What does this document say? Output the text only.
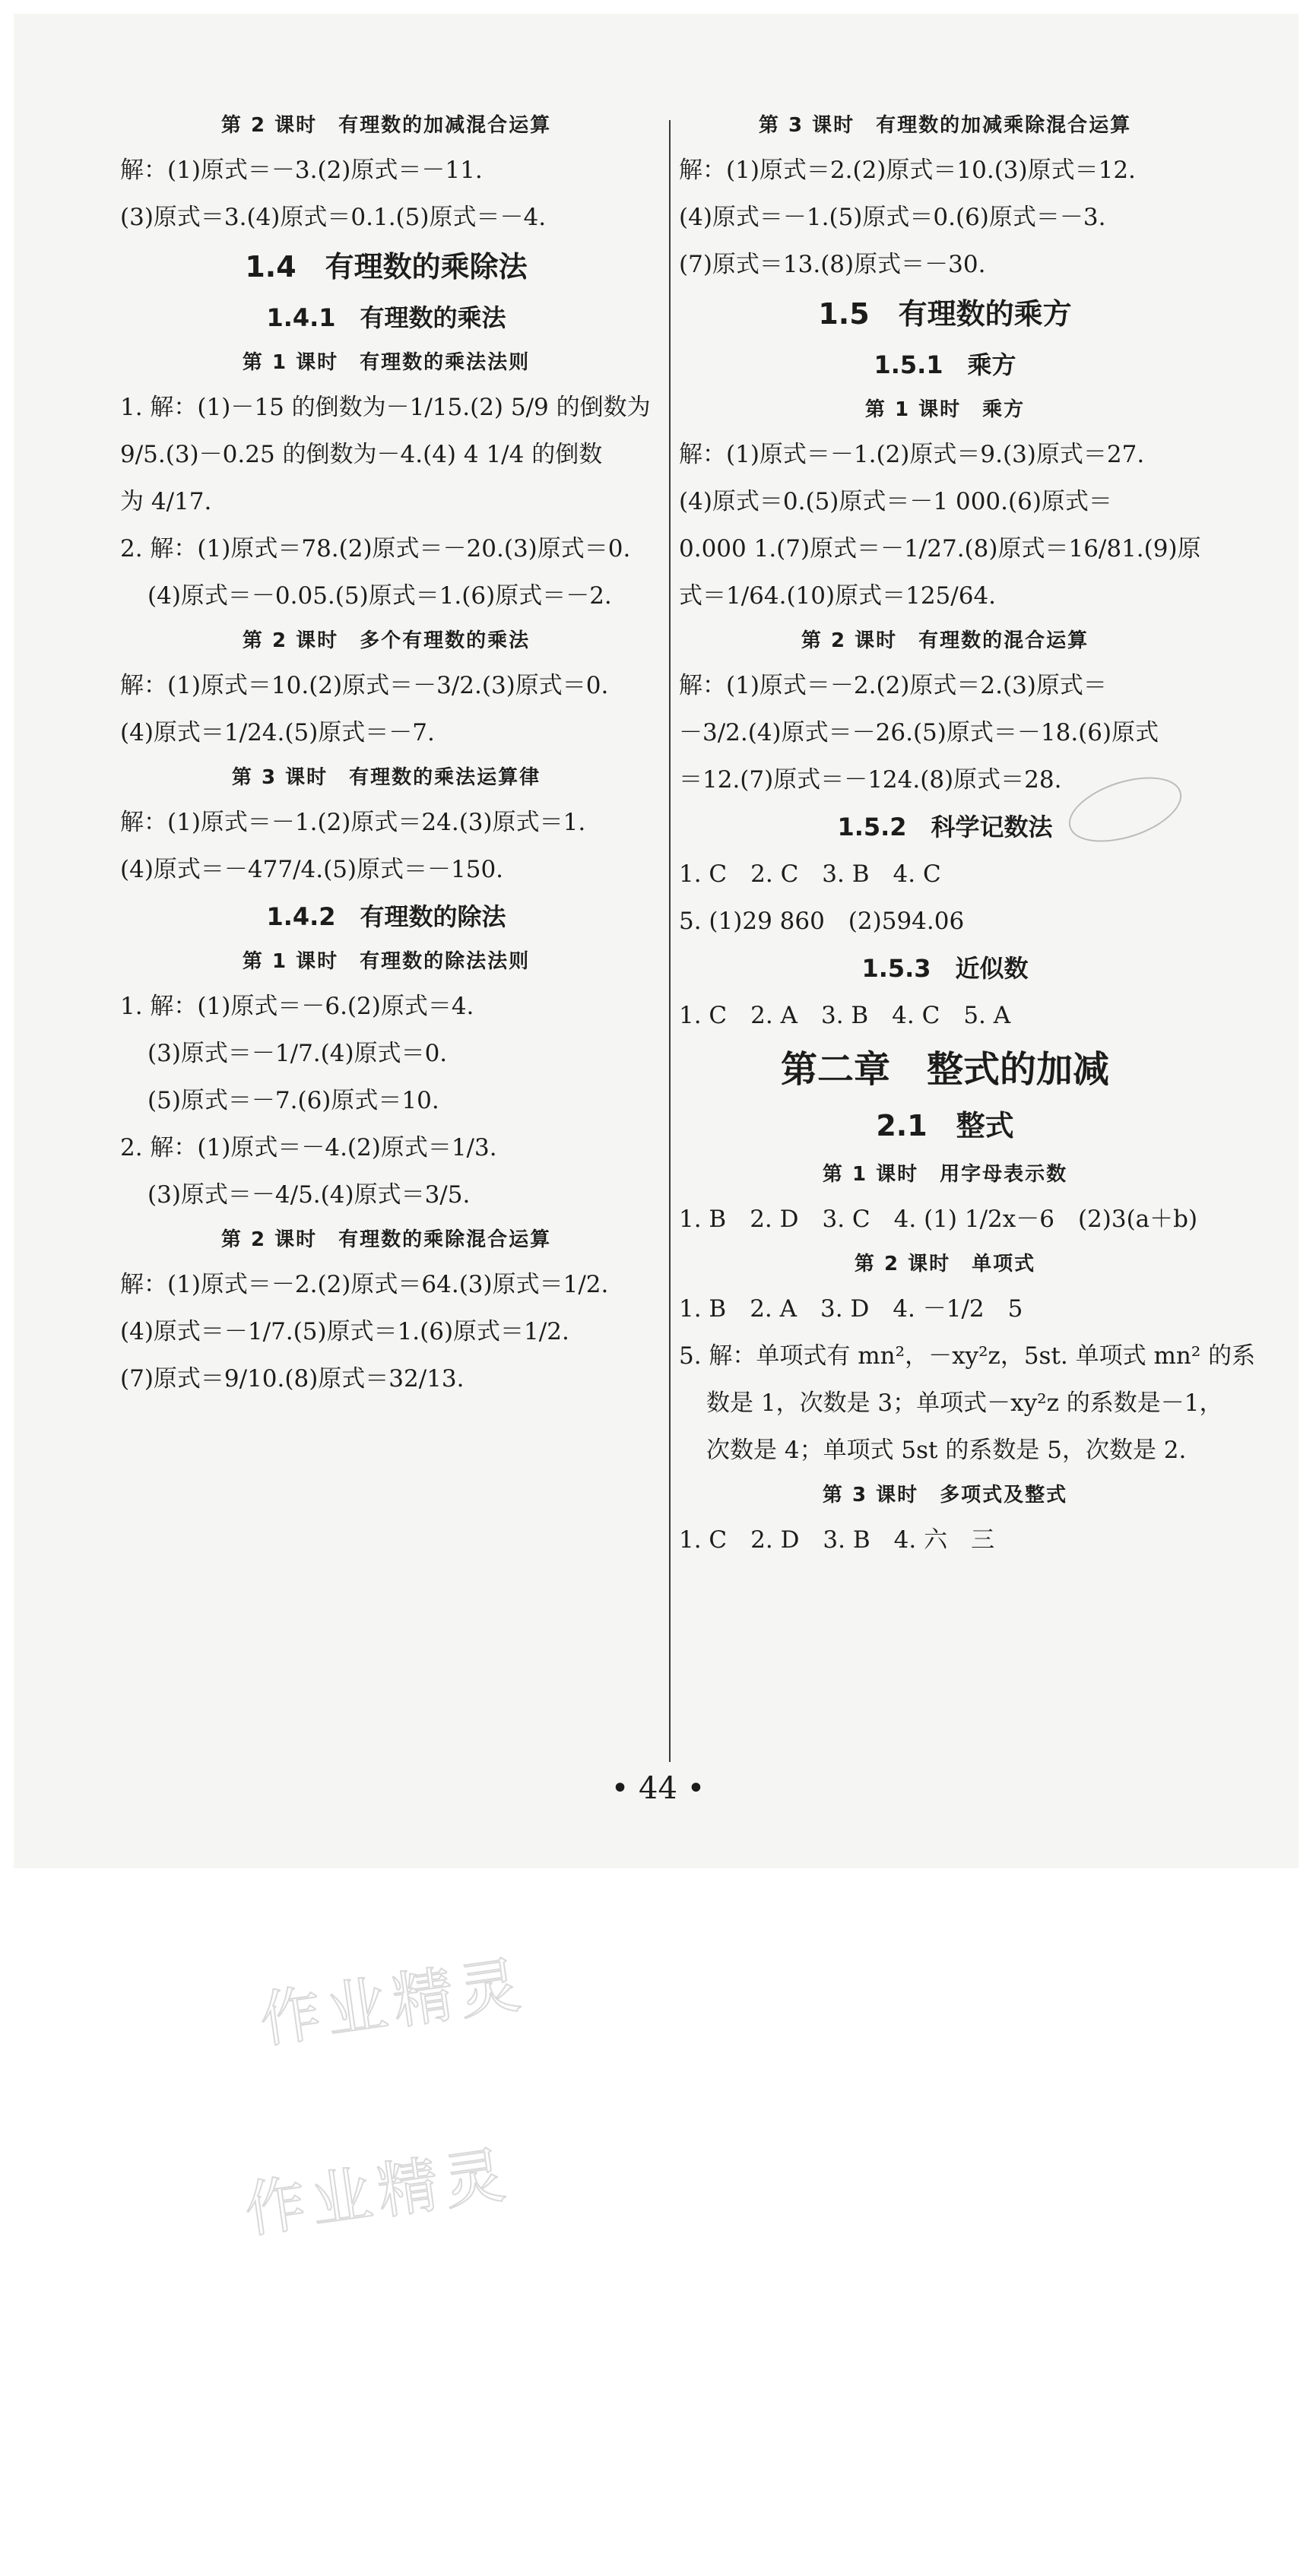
第 2 课时　有理数的加减混合运算
解：(1)原式＝－3.(2)原式＝－11.
(3)原式＝3.(4)原式＝0.1.(5)原式＝－4.
1.4　有理数的乘除法
1.4.1　有理数的乘法
第 1 课时　有理数的乘法法则
1. 解：(1)－15 的倒数为－1/15.(2) 5/9 的倒数为
9/5.(3)－0.25 的倒数为－4.(4) 4 1/4 的倒数
为 4/17.
2. 解：(1)原式＝78.(2)原式＝－20.(3)原式＝0.
(4)原式＝－0.05.(5)原式＝1.(6)原式＝－2.
第 2 课时　多个有理数的乘法
解：(1)原式＝10.(2)原式＝－3/2.(3)原式＝0.
(4)原式＝1/24.(5)原式＝－7.
第 3 课时　有理数的乘法运算律
解：(1)原式＝－1.(2)原式＝24.(3)原式＝1.
(4)原式＝－477/4.(5)原式＝－150.
1.4.2　有理数的除法
第 1 课时　有理数的除法法则
1. 解：(1)原式＝－6.(2)原式＝4.
(3)原式＝－1/7.(4)原式＝0.
(5)原式＝－7.(6)原式＝10.
2. 解：(1)原式＝－4.(2)原式＝1/3.
(3)原式＝－4/5.(4)原式＝3/5.
第 2 课时　有理数的乘除混合运算
解：(1)原式＝－2.(2)原式＝64.(3)原式＝1/2.
(4)原式＝－1/7.(5)原式＝1.(6)原式＝1/2.
(7)原式＝9/10.(8)原式＝32/13.
第 3 课时　有理数的加减乘除混合运算
解：(1)原式＝2.(2)原式＝10.(3)原式＝12.
(4)原式＝－1.(5)原式＝0.(6)原式＝－3.
(7)原式＝13.(8)原式＝－30.
1.5　有理数的乘方
1.5.1　乘方
第 1 课时　乘方
解：(1)原式＝－1.(2)原式＝9.(3)原式＝27.
(4)原式＝0.(5)原式＝－1 000.(6)原式＝
0.000 1.(7)原式＝－1/27.(8)原式＝16/81.(9)原
式＝1/64.(10)原式＝125/64.
第 2 课时　有理数的混合运算
解：(1)原式＝－2.(2)原式＝2.(3)原式＝
－3/2.(4)原式＝－26.(5)原式＝－18.(6)原式
＝12.(7)原式＝－124.(8)原式＝28.
1.5.2　科学记数法
1. C　2. C　3. B　4. C
5. (1)29 860　(2)594.06
1.5.3　近似数
1. C　2. A　3. B　4. C　5. A
第二章　整式的加减
2.1　整式
第 1 课时　用字母表示数
1. B　2. D　3. C　4. (1) 1/2x－6　(2)3(a＋b)
第 2 课时　单项式
1. B　2. A　3. D　4. －1/2　5
5. 解：单项式有 mn²，－xy²z，5st. 单项式 mn² 的系
数是 1，次数是 3；单项式－xy²z 的系数是－1，
次数是 4；单项式 5st 的系数是 5，次数是 2.
第 3 课时　多项式及整式
1. C　2. D　3. B　4. 六　三
• 44 •
作业精灵
作业精灵
